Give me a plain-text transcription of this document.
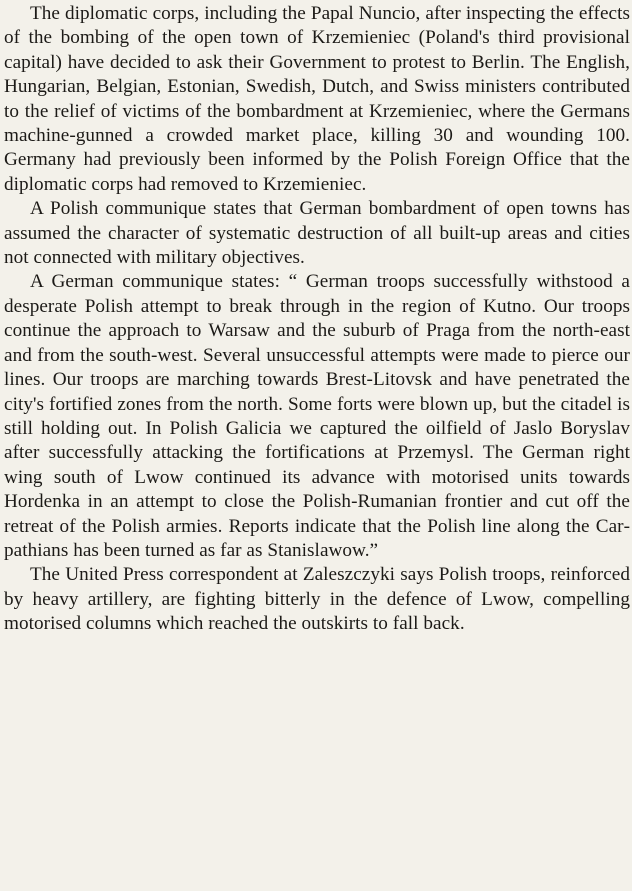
The diplomatic corps, including the Papal Nuncio, after inspecting the effects of the bombing of the open town of Krzemieniec (Poland's third provisional capital) have decided to ask their Government to protest to Berlin. The English, Hungarian, Belgian, Estonian, Swedish, Dutch, and Swiss ministers contributed to the relief of victims of the bombardment at Krzemieniec, where the Germans machine-gunned a crowded market place, killing 30 and wounding 100. Germany had previously been informed by the Polish Foreign Office that the diplomatic corps had removed to Krzemieniec.

A Polish communique states that German bombardment of open towns has assumed the character of systematic destruction of all built-up areas and cities not connected with military objectives.

A German communique states: “ German troops successfully withstood a desperate Polish attempt to break through in the region of Kutno. Our troops continue the approach to Warsaw and the suburb of Praga from the north-east and from the south-west. Several unsuccessful attempts were made to pierce our lines. Our troops are marching towards Brest-Litovsk and have penetrated the city's fortified zones from the north. Some forts were blown up, but the citadel is still holding out. In Polish Galicia we captured the oilfield of Jaslo Boryslav after successfully attacking the fortifications at Przemysl. The German right wing south of Lwow continued its advance with motorised units towards Hordenka in an attempt to close the Polish-Rumanian frontier and cut off the retreat of the Polish armies. Reports indicate that the Polish line along the Carpathians has been turned as far as Stanislawow.”

The United Press correspondent at Zaleszczyki says Polish troops, reinforced by heavy artillery, are fighting bitterly in the defence of Lwow, compelling motorised columns which reached the outskirts to fall back.
